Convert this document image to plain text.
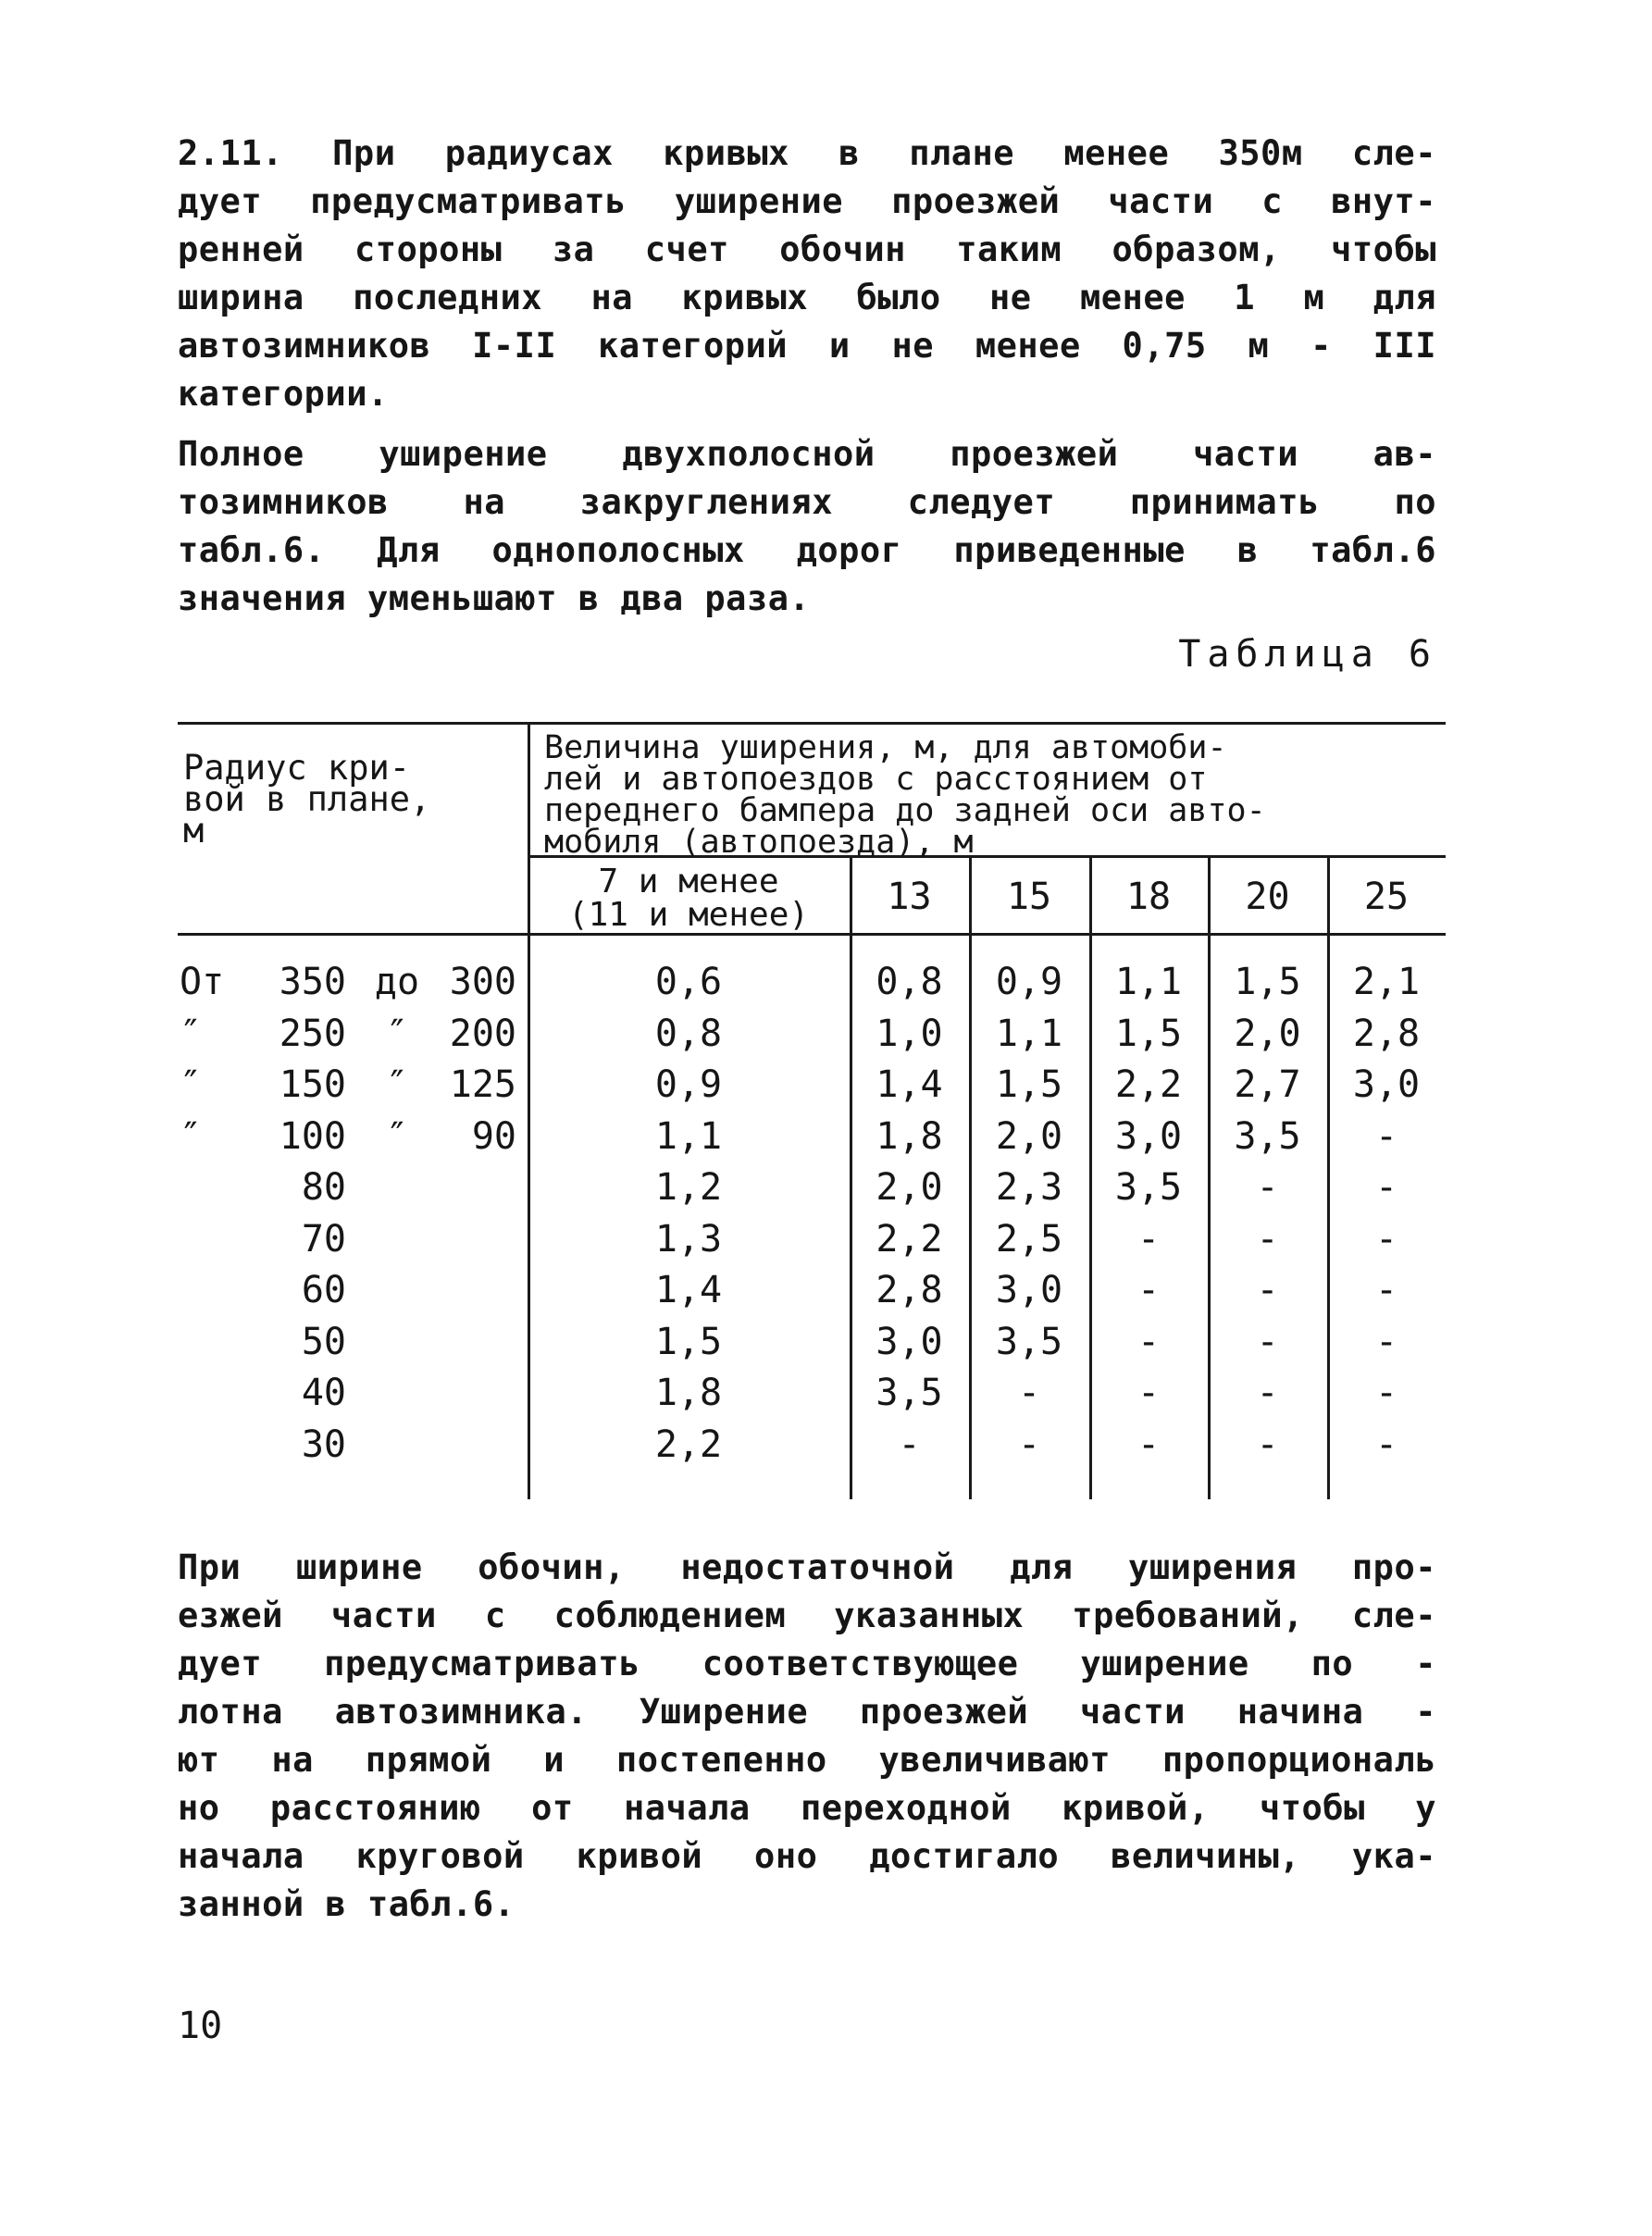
2.11. При радиусах кривых в плане менее 350м сле-
дует предусматривать уширение проезжей части с внут-
ренней стороны за счет обочин таким образом, чтобы
ширина последних на кривых было не менее 1 м для
автозимников I-II категорий и не менее 0,75 м - III
категории.
Полное уширение двухполосной проезжей части ав-
тозимников на закруглениях следует принимать по
табл.6. Для однополосных дорог приведенные в табл.6
значения уменьшают в два раза.
Таблица 6
Радиус кри-
вой в плане,
м
Величина уширения, м, для автомоби-
лей и автопоездов с расстоянием от
переднего бампера до задней оси авто-
мобиля (автопоезда), м
7 и менее
(11 и менее)	13	15	18	20	25
От	350 до 300	0,6	0,8	0,9	1,1	1,5	2,1
″	250	″	200	0,8	1,0	1,1	1,5	2,0	2,8
″	150	″	125	0,9	1,4	1,5	2,2	2,7	3,0
″	100	″	90	1,1	1,8	2,0	3,0	3,5	-
80	1,2	2,0	2,3	3,5	-	-
70	1,3	2,2	2,5	-	-	-
60	1,4	2,8	3,0	-	-	-
50	1,5	3,0	3,5	-	-	-
40	1,8	3,5	-	-	-	-
30	2,2	-	-	-	-	-
При ширине обочин, недостаточной для уширения про-
езжей части с соблюдением указанных требований, сле-
дует предусматривать соответствующее уширение по -
лотна автозимника. Уширение проезжей части начина -
ют на прямой и постепенно увеличивают пропорциональ
но расстоянию от начала переходной кривой, чтобы у
начала круговой кривой оно достигало величины, ука-
занной в табл.6.
10
